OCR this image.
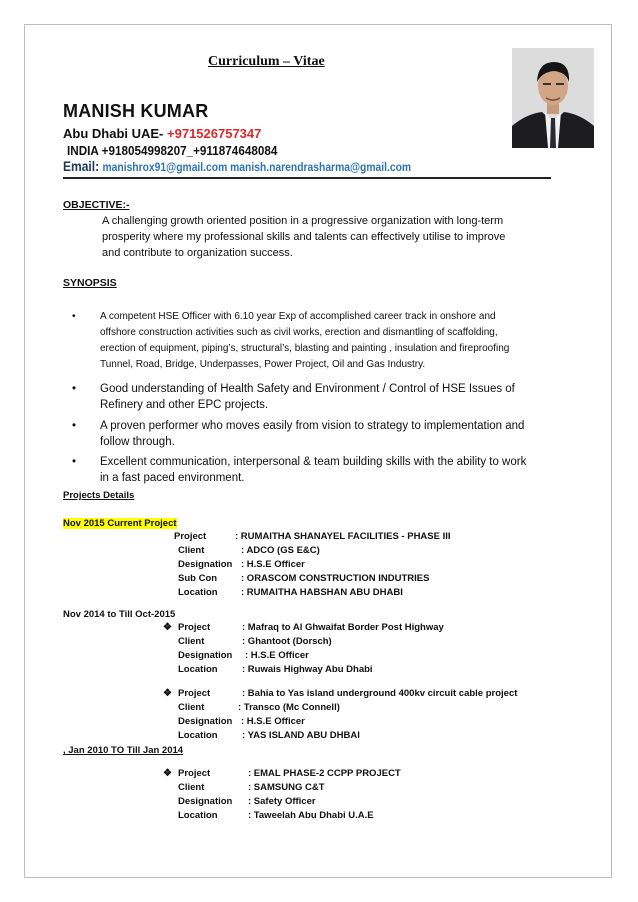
Curriculum – Vitae
MANISH KUMAR
Abu Dhabi UAE- +971526757347
INDIA +918054998207_+911874648084
Email: manishrox91@gmail.com manish.narendrasharma@gmail.com
OBJECTIVE:-
A challenging growth oriented position in a progressive organization with long-term
prosperity where my professional skills and talents can effectively utilise to improve
and contribute to organization success.
SYNOPSIS
• A competent HSE Officer with 6.10 year Exp of accomplished career track in onshore and
offshore construction activities such as civil works, erection and dismantling of scaffolding,
erection of equipment, piping’s, structural’s, blasting and painting , insulation and fireproofing
Tunnel, Road, Bridge, Underpasses, Power Project, Oil and Gas Industry.
• Good understanding of Health Safety and Environment / Control of HSE Issues of
Refinery and other EPC projects.
• A proven performer who moves easily from vision to strategy to implementation and
follow through.
• Excellent communication, interpersonal & team building skills with the ability to work
in a fast paced environment.
Projects Details
Nov 2015 Current Project
Project	: RUMAITHA SHANAYEL FACILITIES - PHASE III
Client	: ADCO (GS E&C)
Designation : H.S.E Officer
Sub Con	: ORASCOM CONSTRUCTION INDUTRIES
Location : RUMAITHA HABSHAN ABU DHABI
Nov 2014 to Till Oct-2015
❖ Project	: Mafraq to Al Ghwaifat Border Post Highway
Client	: Ghantoot (Dorsch)
Designation : H.S.E Officer
Location	: Ruwais Highway Abu Dhabi
❖ Project	: Bahia to Yas island underground 400kv circuit cable project
Client	: Transco (Mc Connell)
Designation : H.S.E Officer
Location	: YAS ISLAND ABU DHBAI
, Jan 2010 TO Till Jan 2014
❖ Project	: EMAL PHASE-2 CCPP PROJECT
Client	: SAMSUNG C&T
Designation : Safety Officer
Location	: Taweelah Abu Dhabi U.A.E
